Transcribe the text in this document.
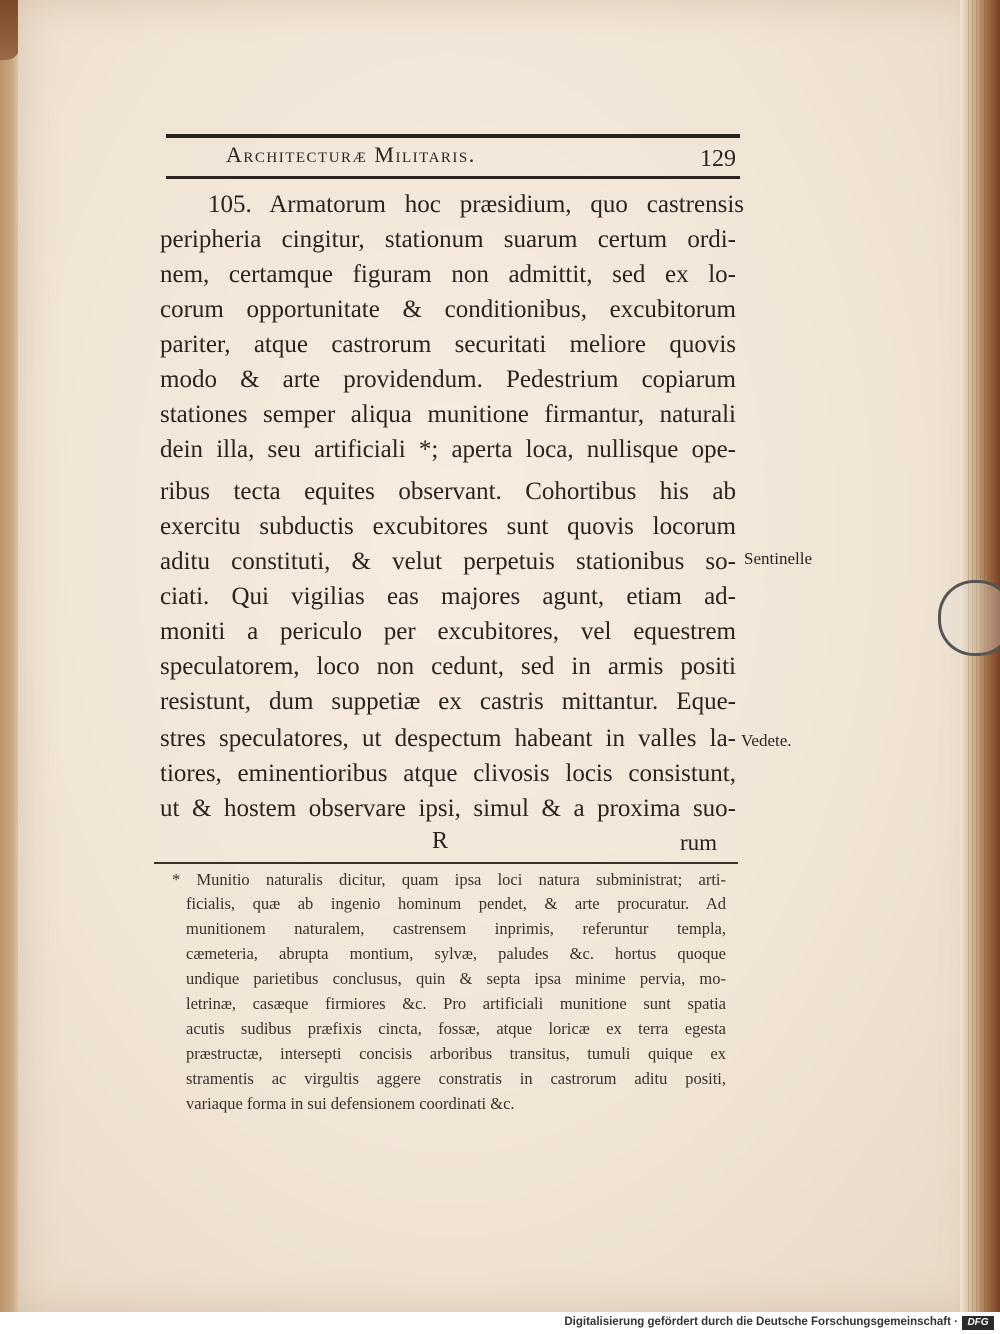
Architecturæ Militaris.	129
105. Armatorum hoc præsidium, quo castrensis
peripheria cingitur, stationum suarum certum ordi-
nem, certamque figuram non admittit, sed ex lo-
corum opportunitate & conditionibus, excubitorum
pariter, atque castrorum securitati meliore quovis
modo & arte providendum. Pedestrium copiarum
stationes semper aliqua munitione firmantur, naturali
dein illa, seu artificiali *; aperta loca, nullisque ope-
ribus tecta equites observant. Cohortibus his ab
exercitu subductis excubitores sunt quovis locorum
aditu constituti, & velut perpetuis stationibus so-
ciati. Qui vigilias eas majores agunt, etiam ad-
moniti a periculo per excubitores, vel equestrem
speculatorem, loco non cedunt, sed in armis positi
resistunt, dum suppetiæ ex castris mittantur. Eque-
stres speculatores, ut despectum habeant in valles la-
tiores, eminentioribus atque clivosis locis consistunt,
ut & hostem observare ipsi, simul & a proxima suo-
R	rum
Sentinelle
Vedete.
* Munitio naturalis dicitur, quam ipsa loci natura subministrat; arti-
ficialis, quæ ab ingenio hominum pendet, & arte procuratur. Ad
munitionem naturalem, castrensem inprimis, referuntur templa,
cæmeteria, abrupta montium, sylvæ, paludes &c. hortus quoque
undique parietibus conclusus, quin & septa ipsa minime pervia, mo-
letrinæ, casæque firmiores &c. Pro artificiali munitione sunt spatia
acutis sudibus præfixis cincta, fossæ, atque loricæ ex terra egesta
præstructæ, intersepti concisis arboribus transitus, tumuli quique ex
stramentis ac virgultis aggere constratis in castrorum aditu positi,
variaque forma in sui defensionem coordinati &c.
Digitalisierung gefördert durch die Deutsche Forschungsgemeinschaft · DFG
